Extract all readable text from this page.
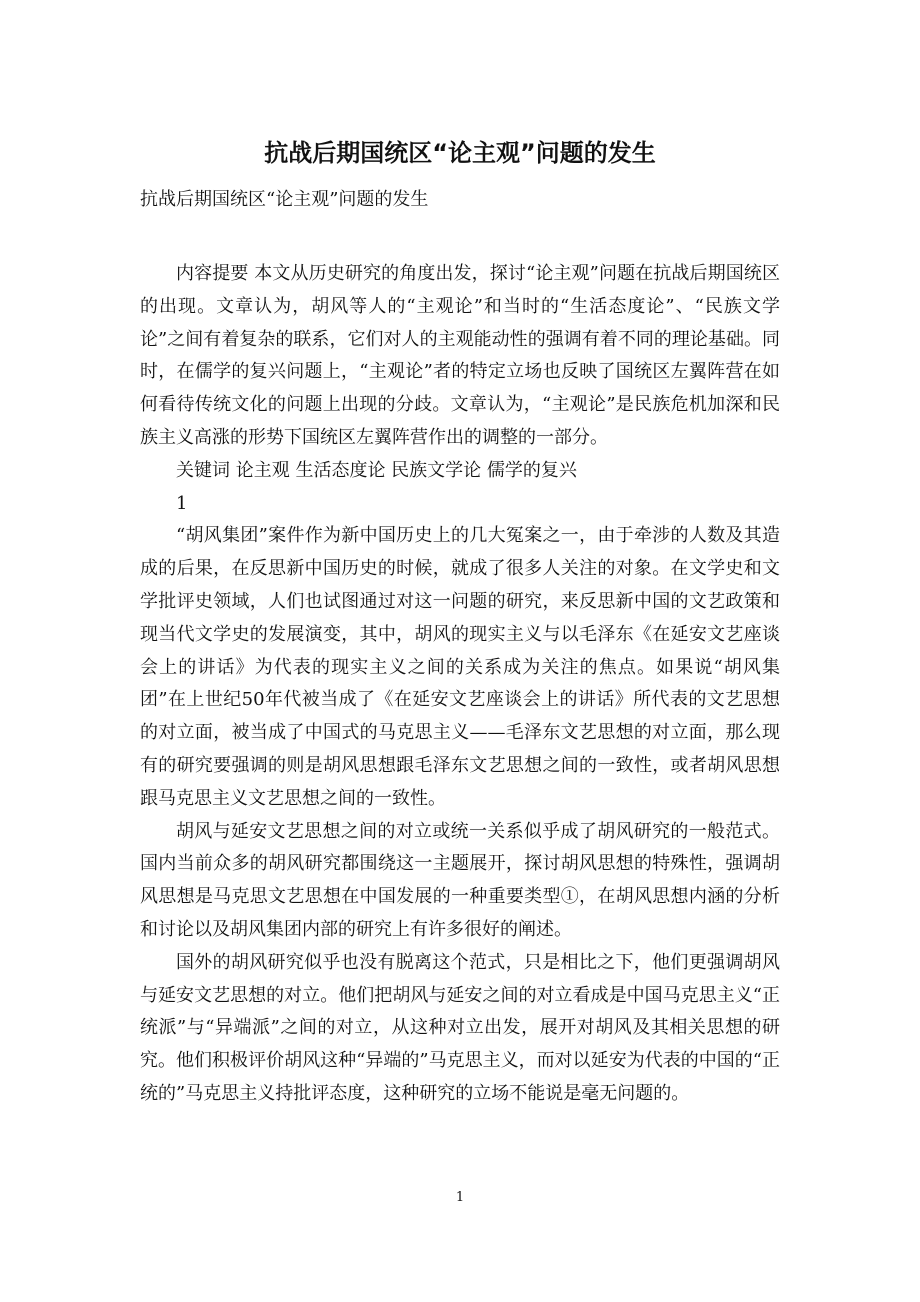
抗战后期国统区“论主观”问题的发生
抗战后期国统区“论主观”问题的发生

内容提要 本文从历史研究的角度出发，探讨“论主观”问题在抗战后期国统区的出现。文章认为，胡风等人的“主观论”和当时的“生活态度论”、“民族文学论”之间有着复杂的联系，它们对人的主观能动性的强调有着不同的理论基础。同时，在儒学的复兴问题上，“主观论”者的特定立场也反映了国统区左翼阵营在如何看待传统文化的问题上出现的分歧。文章认为，“主观论”是民族危机加深和民族主义高涨的形势下国统区左翼阵营作出的调整的一部分。

关键词 论主观 生活态度论 民族文学论 儒学的复兴

1

“胡风集团”案件作为新中国历史上的几大冤案之一，由于牵涉的人数及其造成的后果，在反思新中国历史的时候，就成了很多人关注的对象。在文学史和文学批评史领域，人们也试图通过对这一问题的研究，来反思新中国的文艺政策和现当代文学史的发展演变，其中，胡风的现实主义与以毛泽东《在延安文艺座谈会上的讲话》为代表的现实主义之间的关系成为关注的焦点。如果说“胡风集团”在上世纪50年代被当成了《在延安文艺座谈会上的讲话》所代表的文艺思想的对立面，被当成了中国式的马克思主义——毛泽东文艺思想的对立面，那么现有的研究要强调的则是胡风思想跟毛泽东文艺思想之间的一致性，或者胡风思想跟马克思主义文艺思想之间的一致性。

胡风与延安文艺思想之间的对立或统一关系似乎成了胡风研究的一般范式。国内当前众多的胡风研究都围绕这一主题展开，探讨胡风思想的特殊性，强调胡风思想是马克思文艺思想在中国发展的一种重要类型①，在胡风思想内涵的分析和讨论以及胡风集团内部的研究上有许多很好的阐述。

国外的胡风研究似乎也没有脱离这个范式，只是相比之下，他们更强调胡风与延安文艺思想的对立。他们把胡风与延安之间的对立看成是中国马克思主义“正统派”与“异端派”之间的对立，从这种对立出发，展开对胡风及其相关思想的研究。他们积极评价胡风这种“异端的”马克思主义，而对以延安为代表的中国的“正统的”马克思主义持批评态度，这种研究的立场不能说是毫无问题的。

1
